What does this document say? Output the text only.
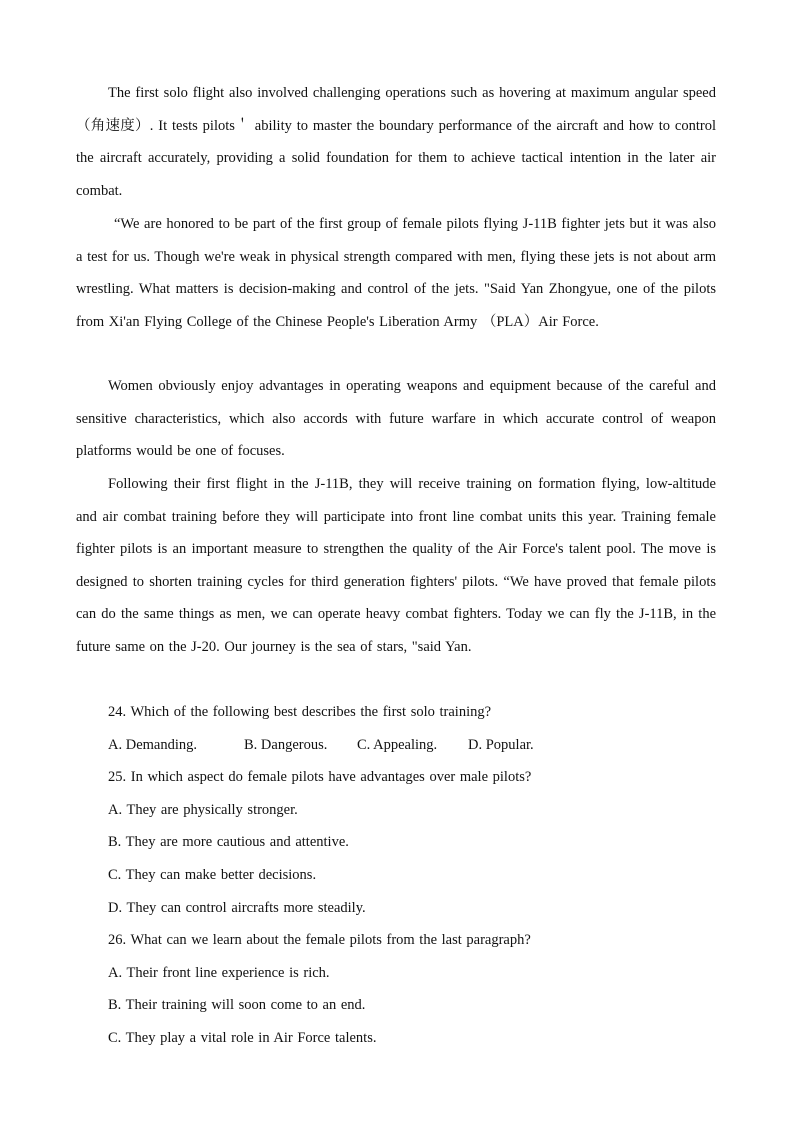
The first solo flight also involved challenging operations such as hovering at maximum angular speed（角速度）. It tests pilots＇ ability to master the boundary performance of the aircraft and how to control the aircraft accurately, providing a solid foundation for them to achieve tactical intention in the later air combat.

“We are honored to be part of the first group of female pilots flying J-11B fighter jets but it was also a test for us. Though we're weak in physical strength compared with men, flying these jets is not about arm wrestling. What matters is decision-making and control of the jets. "Said Yan Zhongyue, one of the pilots from Xi'an Flying College of the Chinese People's Liberation Army （PLA）Air Force.

Women obviously enjoy advantages in operating weapons and equipment because of the careful and sensitive characteristics, which also accords with future warfare in which accurate control of weapon platforms would be one of focuses.

Following their first flight in the J-11B, they will receive training on formation flying, low-altitude and air combat training before they will participate into front line combat units this year. Training female fighter pilots is an important measure to strengthen the quality of the Air Force's talent pool. The move is designed to shorten training cycles for third generation fighters' pilots. “We have proved that female pilots can do the same things as men, we can operate heavy combat fighters. Today we can fly the J-11B, in the future same on the J-20. Our journey is the sea of stars, "said Yan.

24. Which of the following best describes the first solo training?

A. Demanding.	B. Dangerous. C. Appealing. D. Popular.

25. In which aspect do female pilots have advantages over male pilots?

A. They are physically stronger.

B. They are more cautious and attentive.

C. They can make better decisions.

D. They can control aircrafts more steadily.

26. What can we learn about the female pilots from the last paragraph?

A. Their front line experience is rich.

B. Their training will soon come to an end.

C. They play a vital role in Air Force talents.
